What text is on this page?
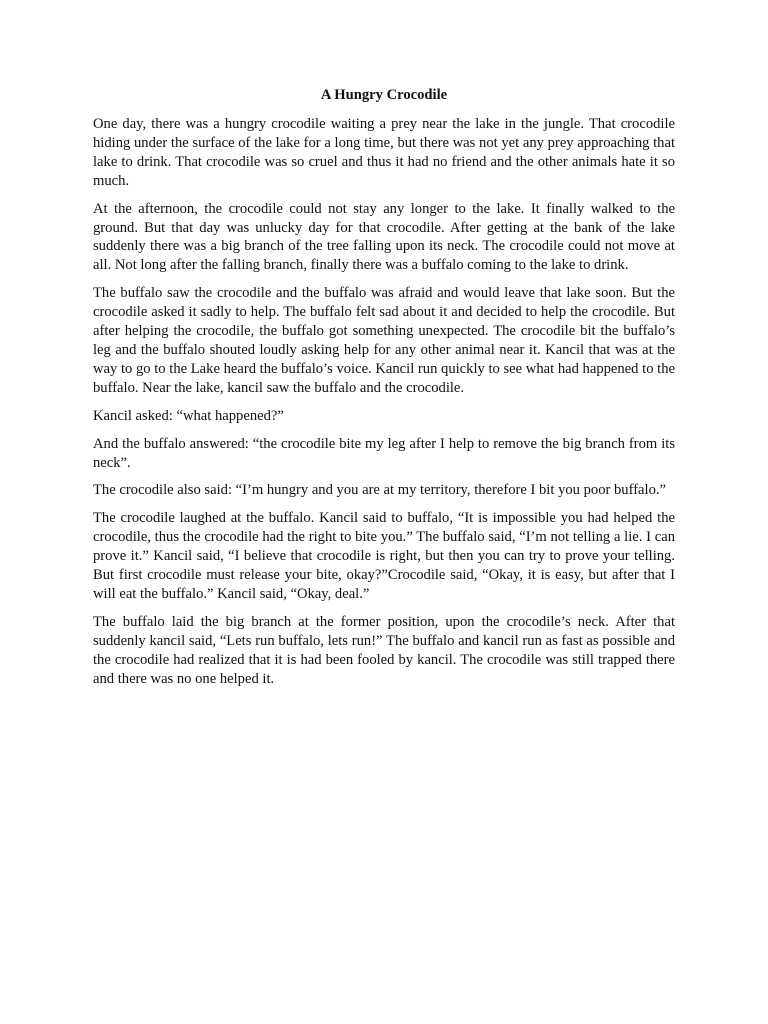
A Hungry Crocodile

One day, there was a hungry crocodile waiting a prey near the lake in the jungle. That crocodile hiding under the surface of the lake for a long time, but there was not yet any prey approaching that lake to drink. That crocodile was so cruel and thus it had no friend and the other animals hate it so much.

At the afternoon, the crocodile could not stay any longer to the lake. It finally walked to the ground. But that day was unlucky day for that crocodile. After getting at the bank of the lake suddenly there was a big branch of the tree falling upon its neck. The crocodile could not move at all. Not long after the falling branch, finally there was a buffalo coming to the lake to drink.

The buffalo saw the crocodile and the buffalo was afraid and would leave that lake soon. But the crocodile asked it sadly to help. The buffalo felt sad about it and decided to help the crocodile. But after helping the crocodile, the buffalo got something unexpected. The crocodile bit the buffalo’s leg and the buffalo shouted loudly asking help for any other animal near it. Kancil that was at the way to go to the Lake heard the buffalo’s voice. Kancil run quickly to see what had happened to the buffalo. Near the lake, kancil saw the buffalo and the crocodile.

Kancil asked: “what happened?”

And the buffalo answered: “the crocodile bite my leg after I help to remove the big branch from its neck”.

The crocodile also said: “I’m hungry and you are at my territory, therefore I bit you poor buffalo.”

The crocodile laughed at the buffalo. Kancil said to buffalo, “It is impossible you had helped the crocodile, thus the crocodile had the right to bite you.” The buffalo said, “I’m not telling a lie. I can prove it.” Kancil said, “I believe that crocodile is right, but then you can try to prove your telling. But first crocodile must release your bite, okay?”Crocodile said, “Okay, it is easy, but after that I will eat the buffalo.” Kancil said, “Okay, deal.”

The buffalo laid the big branch at the former position, upon the crocodile’s neck. After that suddenly kancil said, “Lets run buffalo, lets run!” The buffalo and kancil run as fast as possible and the crocodile had realized that it is had been fooled by kancil. The crocodile was still trapped there and there was no one helped it.
